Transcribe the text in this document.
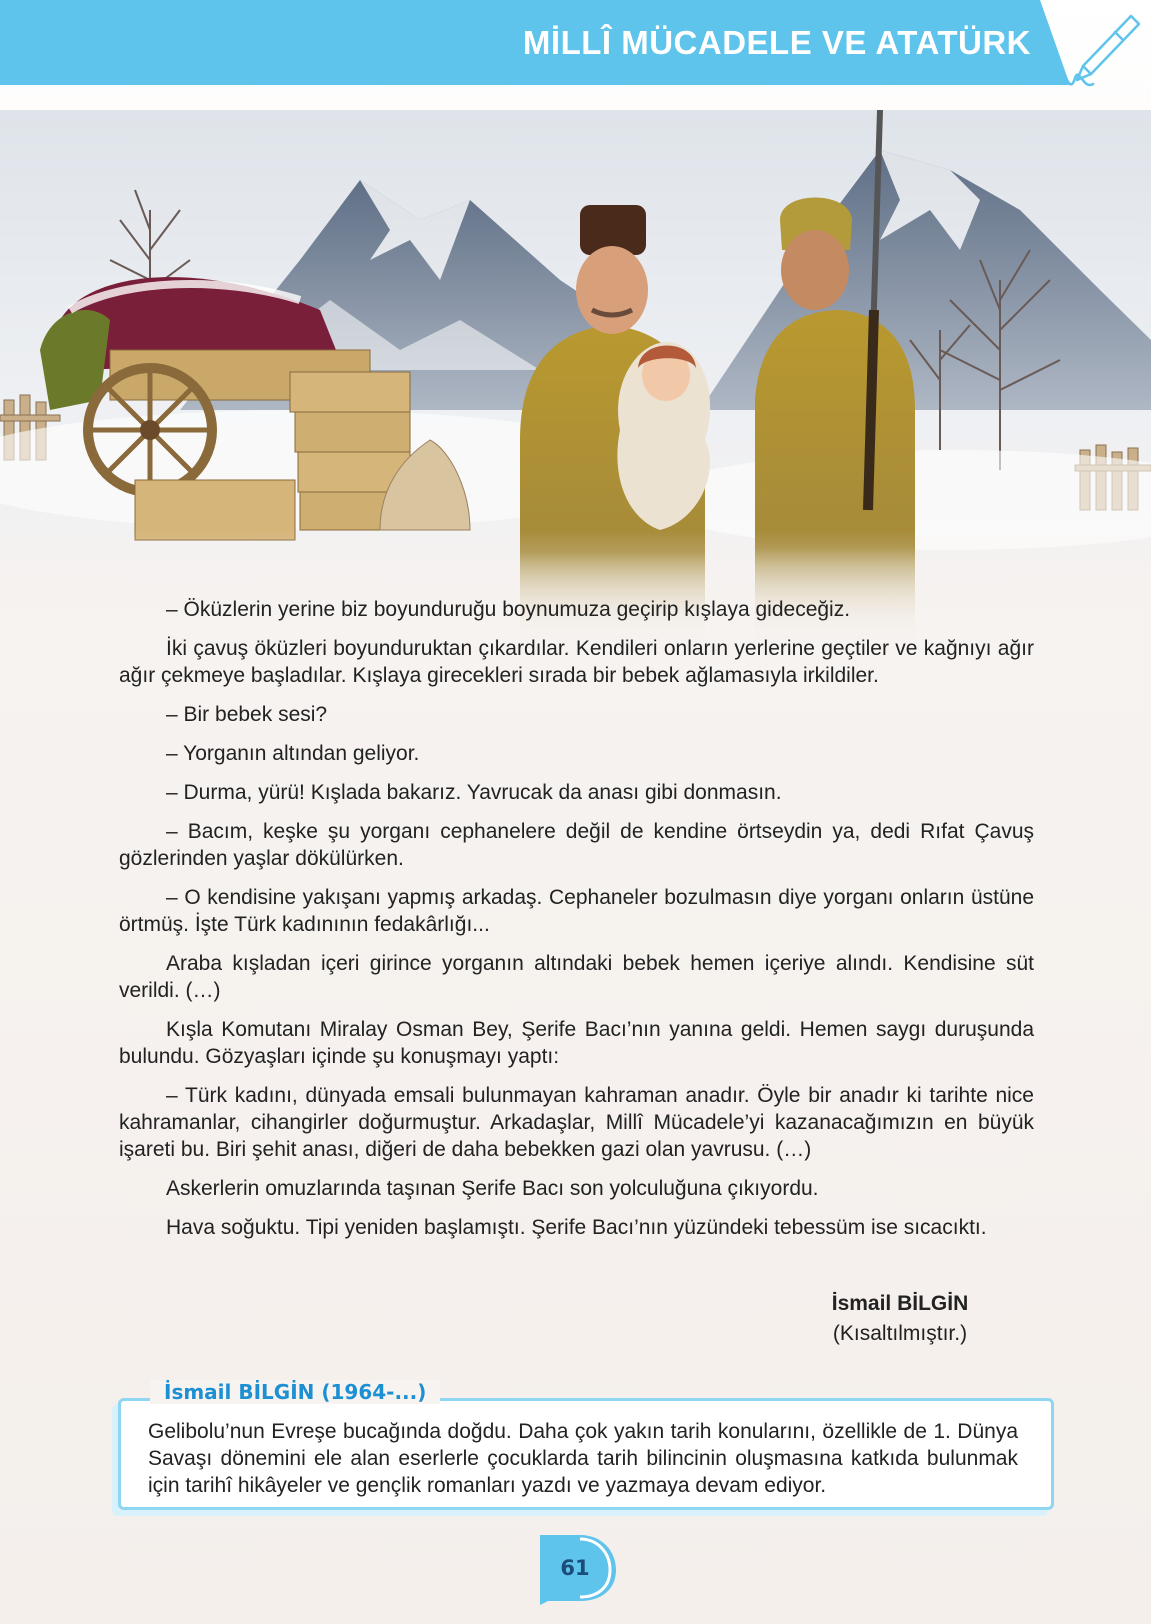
MİLLÎ MÜCADELE VE ATATÜRK

– Öküzlerin yerine biz boyunduruğu boynumuza geçirip kışlaya gideceğiz.

İki çavuş öküzleri boyunduruktan çıkardılar. Kendileri onların yerlerine geçtiler ve kağnıyı ağır ağır çekmeye başladılar. Kışlaya girecekleri sırada bir bebek ağlamasıyla irkildiler.

– Bir bebek sesi?

– Yorganın altından geliyor.

– Durma, yürü! Kışlada bakarız. Yavrucak da anası gibi donmasın.

– Bacım, keşke şu yorganı cephanelere değil de kendine örtseydin ya, dedi Rıfat Çavuş gözlerinden yaşlar dökülürken.

– O kendisine yakışanı yapmış arkadaş. Cephaneler bozulmasın diye yorganı onların üstüne örtmüş. İşte Türk kadınının fedakârlığı...

Araba kışladan içeri girince yorganın altındaki bebek hemen içeriye alındı. Kendisine süt verildi. (…)

Kışla Komutanı Miralay Osman Bey, Şerife Bacı’nın yanına geldi. Hemen saygı duruşunda bulundu. Gözyaşları içinde şu konuşmayı yaptı:

– Türk kadını, dünyada emsali bulunmayan kahraman anadır. Öyle bir anadır ki tarihte nice kahramanlar, cihangirler doğurmuştur. Arkadaşlar, Millî Mücadele’yi kazanacağımızın en büyük işareti bu. Biri şehit anası, diğeri de daha bebekken gazi olan yavrusu. (…)

Askerlerin omuzlarında taşınan Şerife Bacı son yolculuğuna çıkıyordu.

Hava soğuktu. Tipi yeniden başlamıştı. Şerife Bacı’nın yüzündeki tebessüm ise sıcacıktı.

İsmail BİLGİN
(Kısaltılmıştır.)
İsmail BİLGİN (1964-...)
Gelibolu’nun Evreşe bucağında doğdu. Daha çok yakın tarih konularını, özellikle de 1. Dünya Savaşı dönemini ele alan eserlerle çocuklarda tarih bilincinin oluşmasına katkıda bulunmak için tarihî hikâyeler ve gençlik romanları yazdı ve yazmaya devam ediyor.
61
